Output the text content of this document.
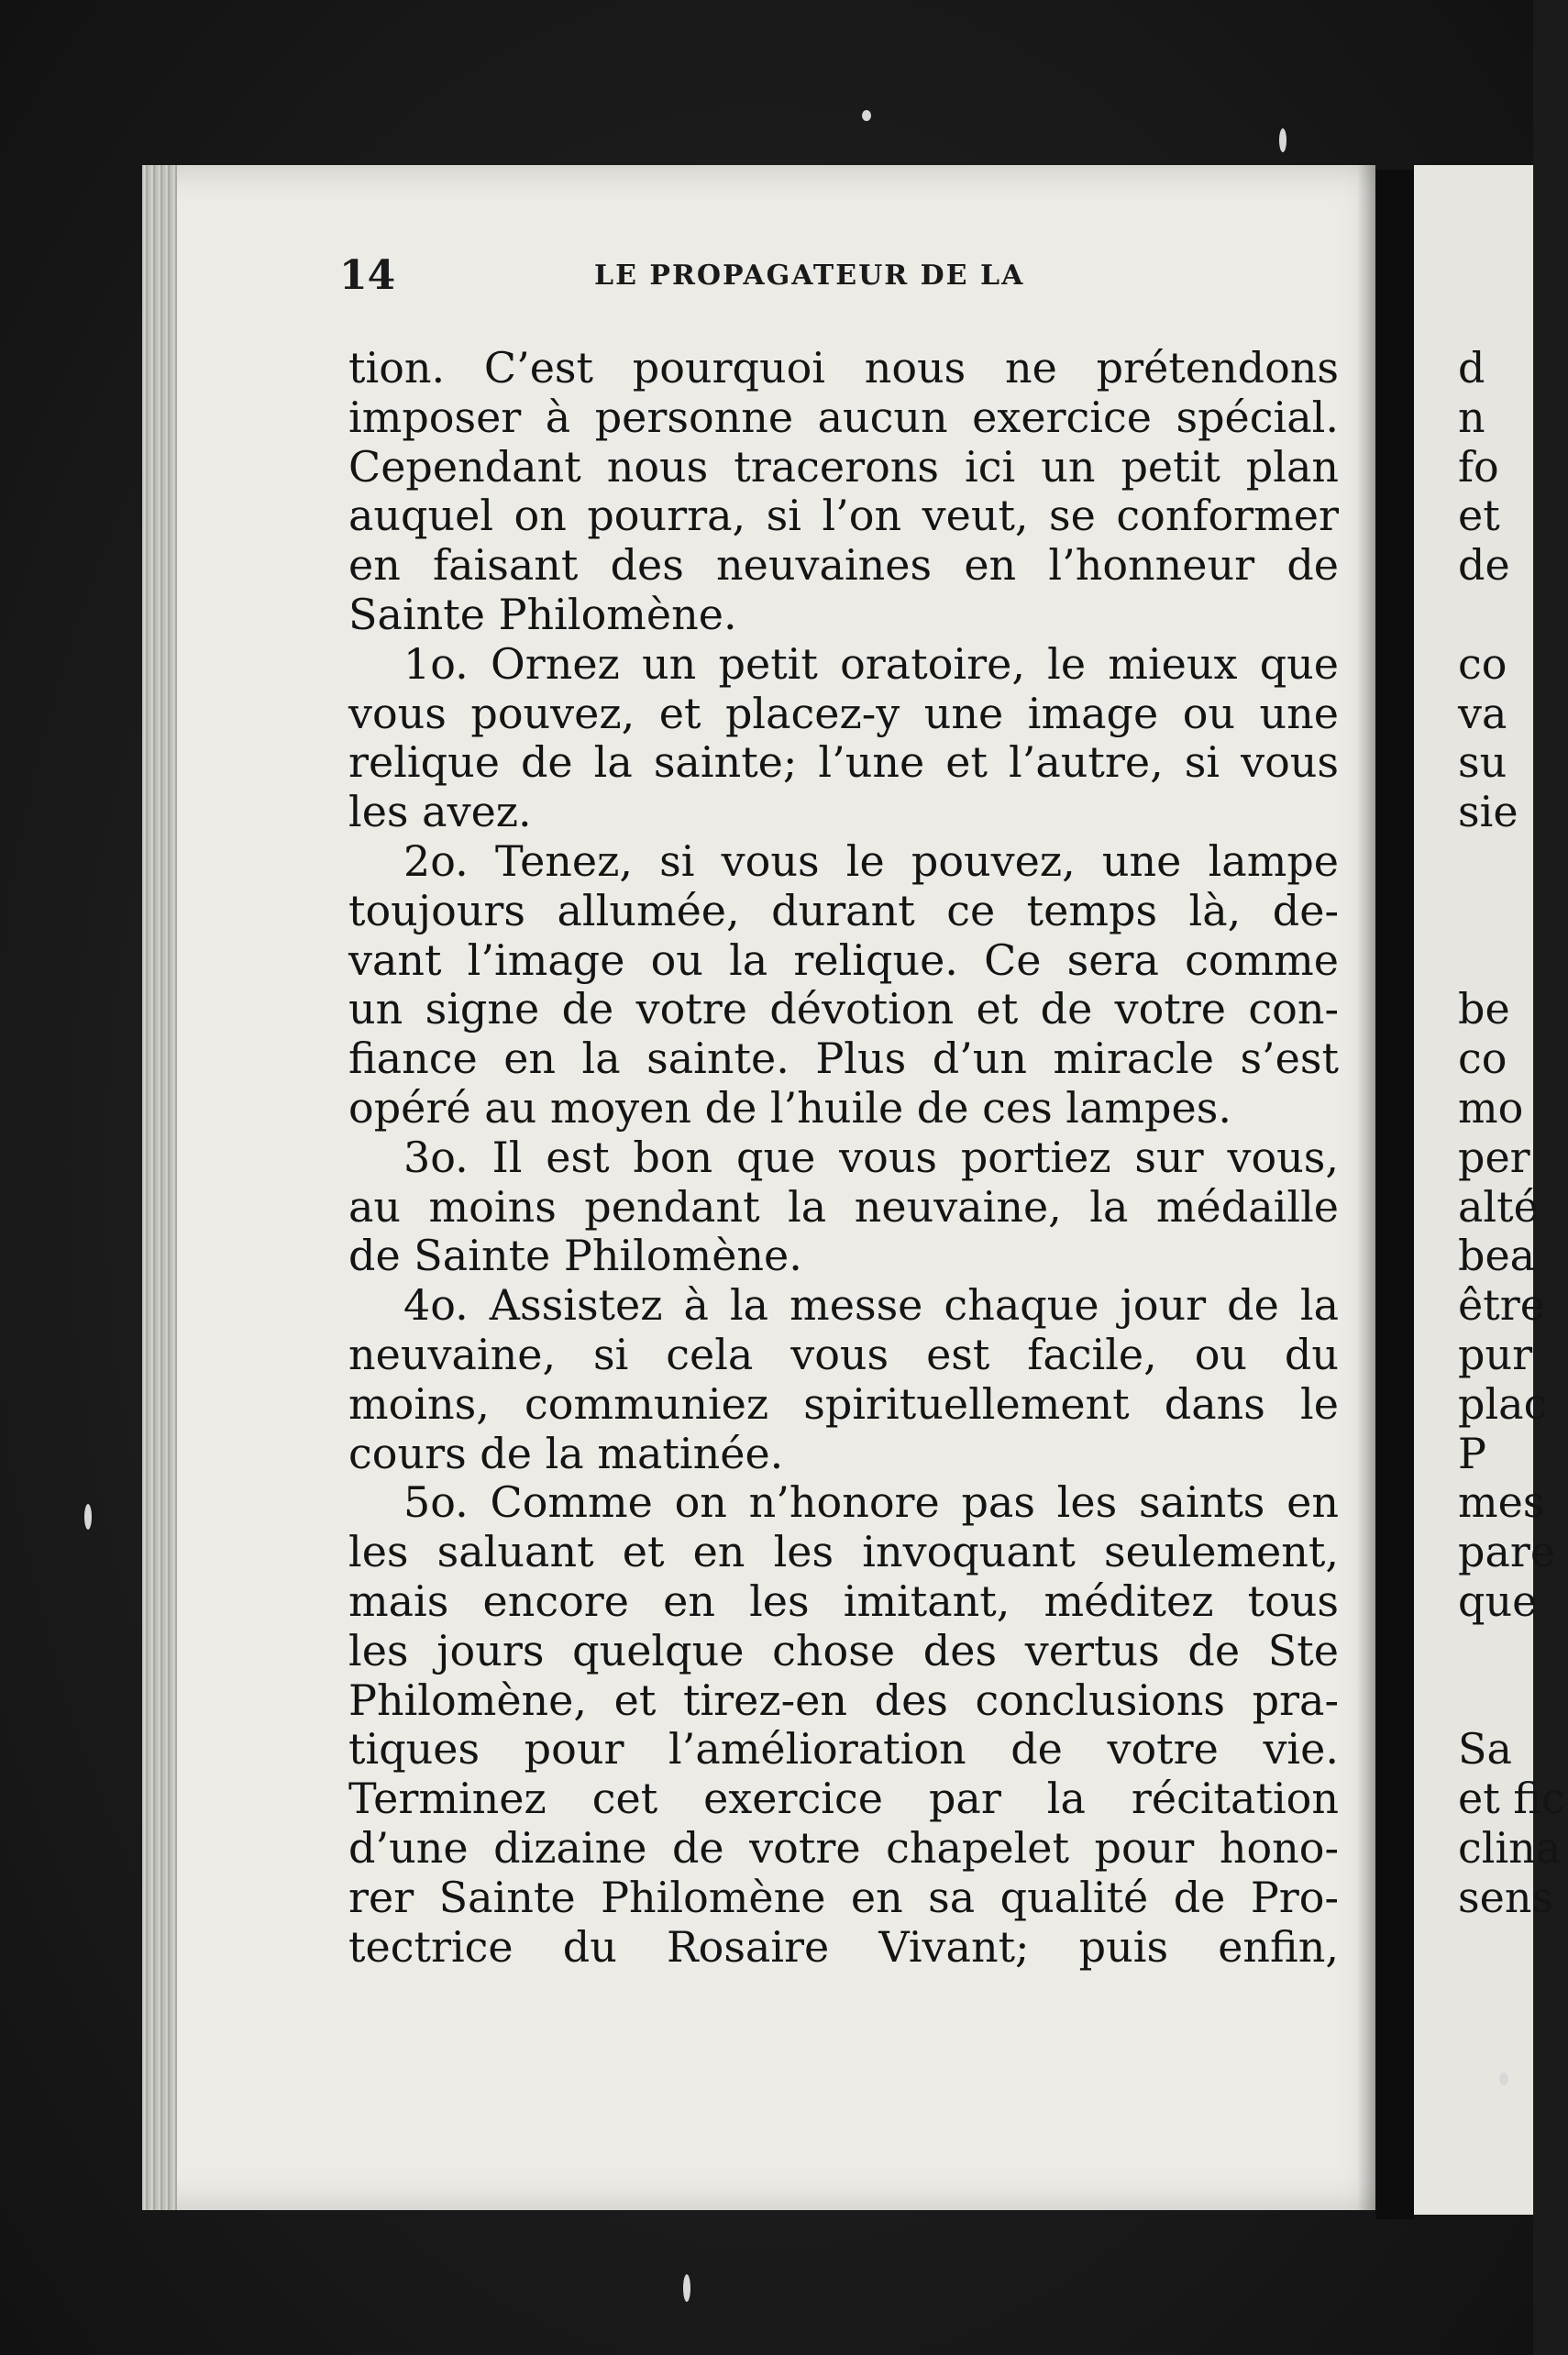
14	LE PROPAGATEUR DE LA
tion. C’est pourquoi nous ne prétendons
imposer à personne aucun exercice spécial.
Cependant nous tracerons ici un petit plan
auquel on pourra, si l’on veut, se conformer
en faisant des neuvaines en l’honneur de
Sainte Philomène.
1o. Ornez un petit oratoire, le mieux que
vous pouvez, et placez-y une image ou une
relique de la sainte; l’une et l’autre, si vous
les avez.
2o. Tenez, si vous le pouvez, une lampe
toujours allumée, durant ce temps là, de-
vant l’image ou la relique. Ce sera comme
un signe de votre dévotion et de votre con-
fiance en la sainte. Plus d’un miracle s’est
opéré au moyen de l’huile de ces lampes.
3o. Il est bon que vous portiez sur vous,
au moins pendant la neuvaine, la médaille
de Sainte Philomène.
4o. Assistez à la messe chaque jour de la
neuvaine, si cela vous est facile, ou du
moins, communiez spirituellement dans le
cours de la matinée.
5o. Comme on n’honore pas les saints en
les saluant et en les invoquant seulement,
mais encore en les imitant, méditez tous
les jours quelque chose des vertus de Ste
Philomène, et tirez-en des conclusions pra-
tiques pour l’amélioration de votre vie.
Terminez cet exercice par la récitation
d’une dizaine de votre chapelet pour hono-
rer Sainte Philomène en sa qualité de Pro-
tectrice du Rosaire Vivant; puis enfin,
d
n
fo
et
de
co
va
su
sie
be
co
mo
per
alté
bea
être
pur
plac
P
mes
pare
que
Sa
et fic
clina
sens
